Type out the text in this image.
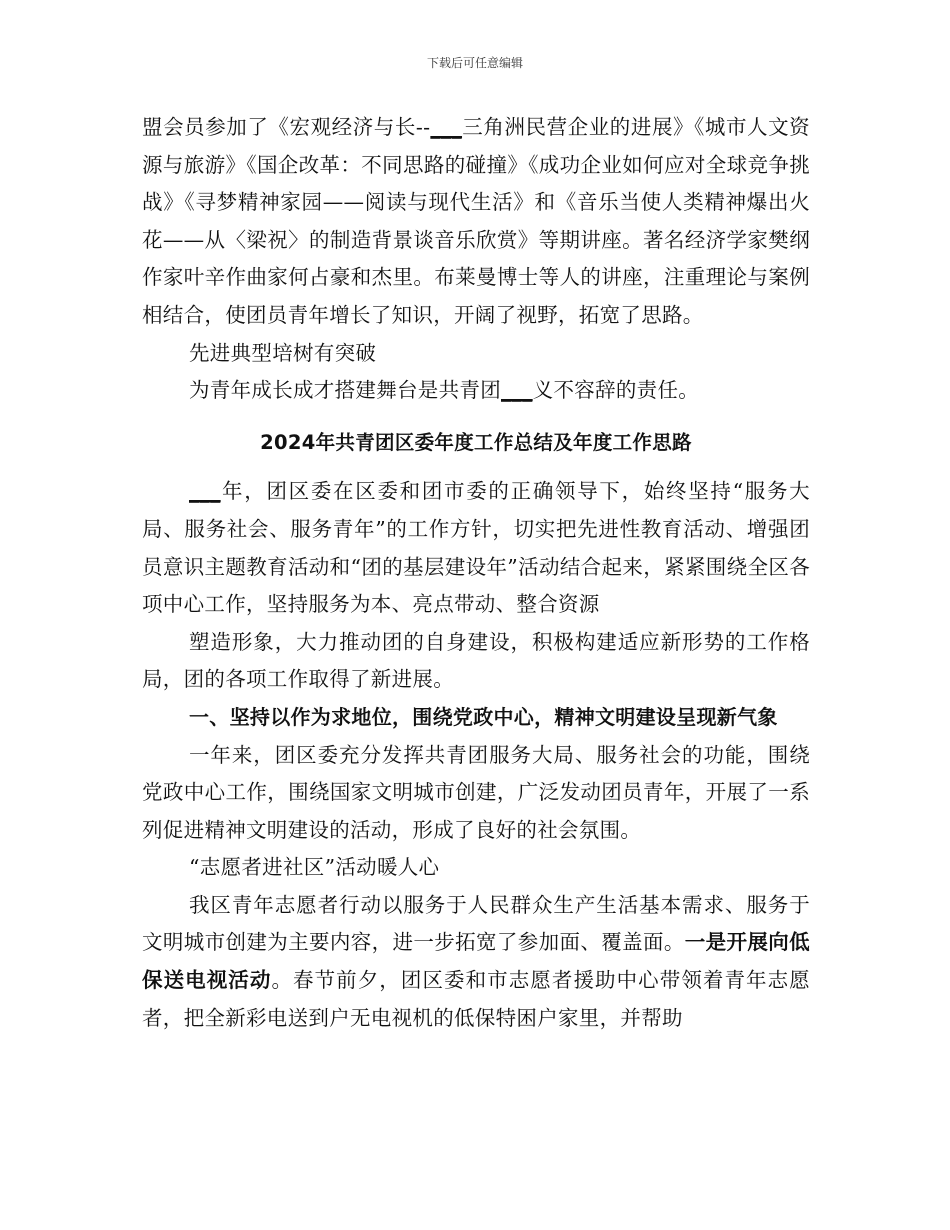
下载后可任意编辑

盟会员参加了《宏观经济与长--___三角洲民营企业的进展》《城市人文资源与旅游》《国企改革：不同思路的碰撞》《成功企业如何应对全球竞争挑战》《寻梦精神家园——阅读与现代生活》和《音乐当使人类精神爆出火花——从〈梁祝〉的制造背景谈音乐欣赏》等期讲座。著名经济学家樊纲作家叶辛作曲家何占豪和杰里。布莱曼博士等人的讲座，注重理论与案例相结合，使团员青年增长了知识，开阔了视野，拓宽了思路。

先进典型培树有突破

为青年成长成才搭建舞台是共青团___义不容辞的责任。

2024年共青团区委年度工作总结及年度工作思路

___年，团区委在区委和团市委的正确领导下，始终坚持“服务大局、服务社会、服务青年”的工作方针，切实把先进性教育活动、增强团员意识主题教育活动和“团的基层建设年”活动结合起来，紧紧围绕全区各项中心工作，坚持服务为本、亮点带动、整合资源

塑造形象，大力推动团的自身建设，积极构建适应新形势的工作格局，团的各项工作取得了新进展。

一、坚持以作为求地位，围绕党政中心，精神文明建设呈现新气象

一年来，团区委充分发挥共青团服务大局、服务社会的功能，围绕党政中心工作，围绕国家文明城市创建，广泛发动团员青年，开展了一系列促进精神文明建设的活动，形成了良好的社会氛围。

“志愿者进社区”活动暖人心

我区青年志愿者行动以服务于人民群众生产生活基本需求、服务于文明城市创建为主要内容，进一步拓宽了参加面、覆盖面。一是开展向低保送电视活动。春节前夕，团区委和市志愿者援助中心带领着青年志愿者，把全新彩电送到户无电视机的低保特困户家里，并帮助
